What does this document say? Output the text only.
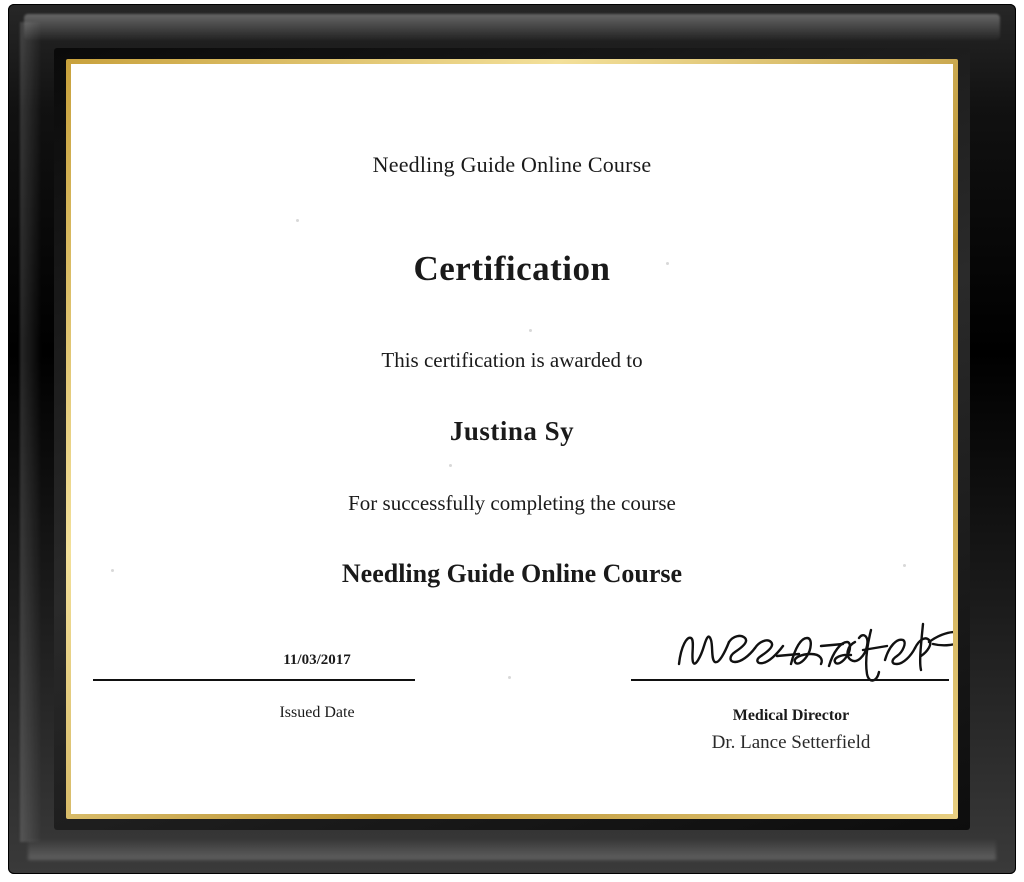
Needling Guide Online Course
Certification
This certification is awarded to
Justina Sy
For successfully completing the course
Needling Guide Online Course
11/03/2017
Issued Date	Medical Director
Dr. Lance Setterfield
